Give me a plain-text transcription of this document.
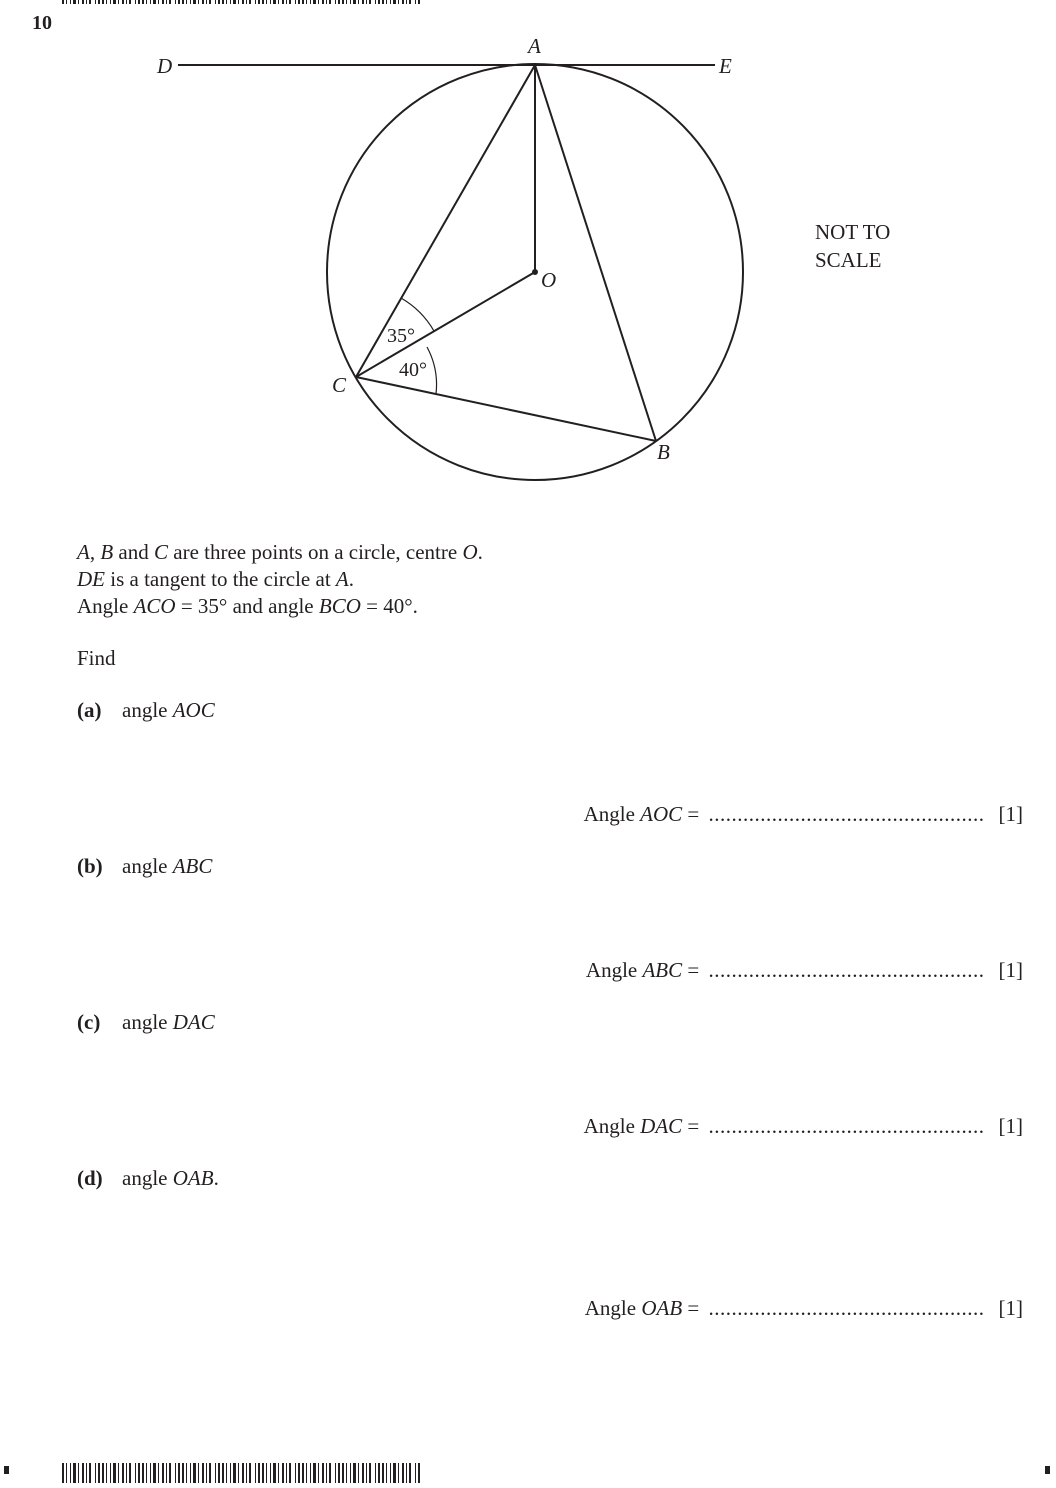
10
A
D	E
O
C
B
35°
40°
NOT TO
SCALE
A, B and C are three points on a circle, centre O.
DE is a tangent to the circle at A.
Angle ACO = 35° and angle BCO = 40°.
Find
(a) angle AOC
Angle AOC = ................................................ [1]
(b) angle ABC
Angle ABC = ................................................ [1]
(c) angle DAC
Angle DAC = ................................................ [1]
(d) angle OAB.
Angle OAB = ................................................ [1]
